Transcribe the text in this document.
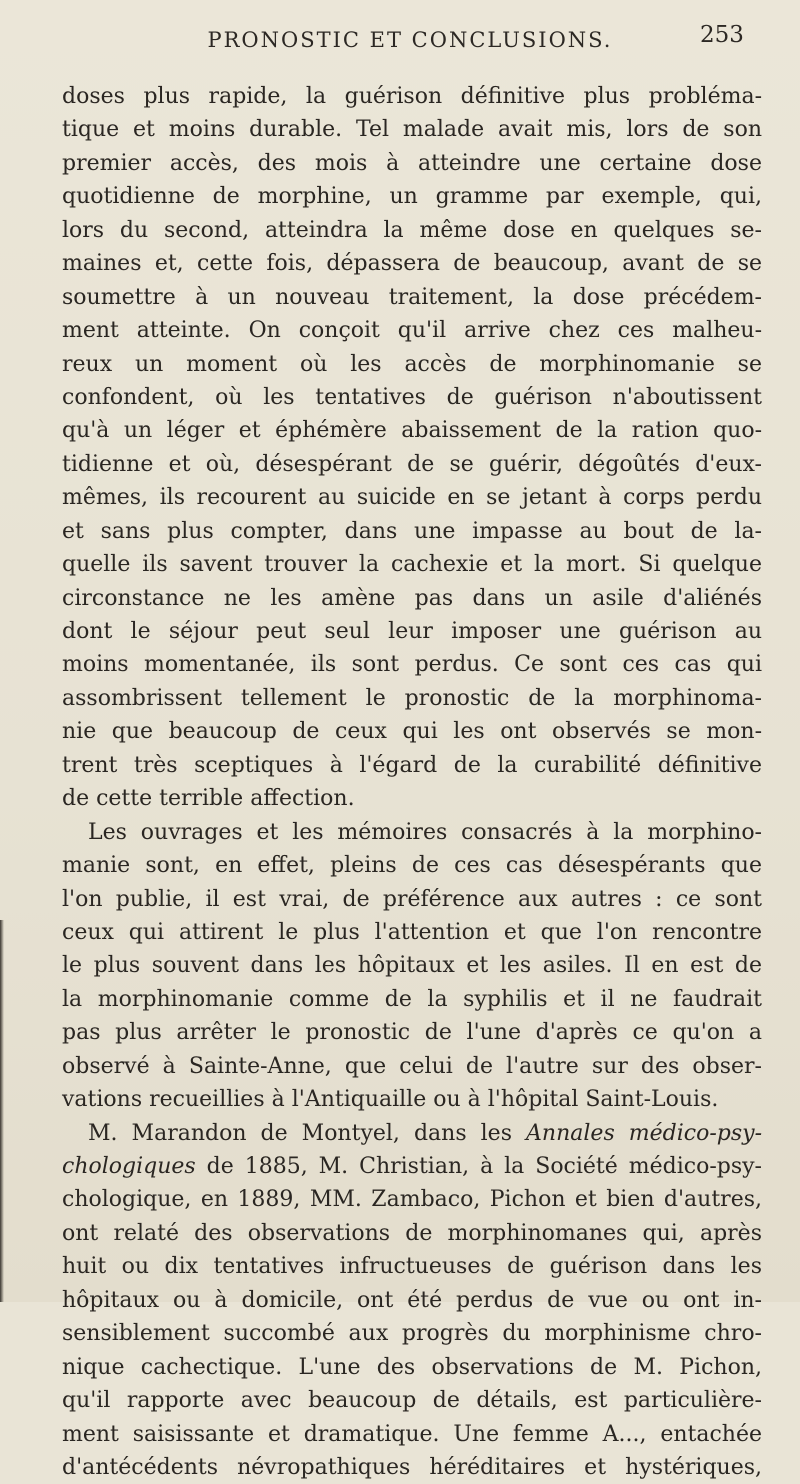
PRONOSTIC ET CONCLUSIONS.	253
doses plus rapide, la guérison définitive plus probléma-
tique et moins durable. Tel malade avait mis, lors de son
premier accès, des mois à atteindre une certaine dose
quotidienne de morphine, un gramme par exemple, qui,
lors du second, atteindra la même dose en quelques se-
maines et, cette fois, dépassera de beaucoup, avant de se
soumettre à un nouveau traitement, la dose précédem-
ment atteinte. On conçoit qu'il arrive chez ces malheu-
reux un moment où les accès de morphinomanie se
confondent, où les tentatives de guérison n'aboutissent
qu'à un léger et éphémère abaissement de la ration quo-
tidienne et où, désespérant de se guérir, dégoûtés d'eux-
mêmes, ils recourent au suicide en se jetant à corps perdu
et sans plus compter, dans une impasse au bout de la-
quelle ils savent trouver la cachexie et la mort. Si quelque
circonstance ne les amène pas dans un asile d'aliénés
dont le séjour peut seul leur imposer une guérison au
moins momentanée, ils sont perdus. Ce sont ces cas qui
assombrissent tellement le pronostic de la morphinoma-
nie que beaucoup de ceux qui les ont observés se mon-
trent très sceptiques à l'égard de la curabilité définitive
de cette terrible affection.
Les ouvrages et les mémoires consacrés à la morphino-
manie sont, en effet, pleins de ces cas désespérants que
l'on publie, il est vrai, de préférence aux autres : ce sont
ceux qui attirent le plus l'attention et que l'on rencontre
le plus souvent dans les hôpitaux et les asiles. Il en est de
la morphinomanie comme de la syphilis et il ne faudrait
pas plus arrêter le pronostic de l'une d'après ce qu'on a
observé à Sainte-Anne, que celui de l'autre sur des obser-
vations recueillies à l'Antiquaille ou à l'hôpital Saint-Louis.
M. Marandon de Montyel, dans les Annales médico-psy-
chologiques de 1885, M. Christian, à la Société médico-psy-
chologique, en 1889, MM. Zambaco, Pichon et bien d'autres,
ont relaté des observations de morphinomanes qui, après
huit ou dix tentatives infructueuses de guérison dans les
hôpitaux ou à domicile, ont été perdus de vue ou ont in-
sensiblement succombé aux progrès du morphinisme chro-
nique cachectique. L'une des observations de M. Pichon,
qu'il rapporte avec beaucoup de détails, est particulière-
ment saisissante et dramatique. Une femme A..., entachée
d'antécédents névropathiques héréditaires et hystériques,
